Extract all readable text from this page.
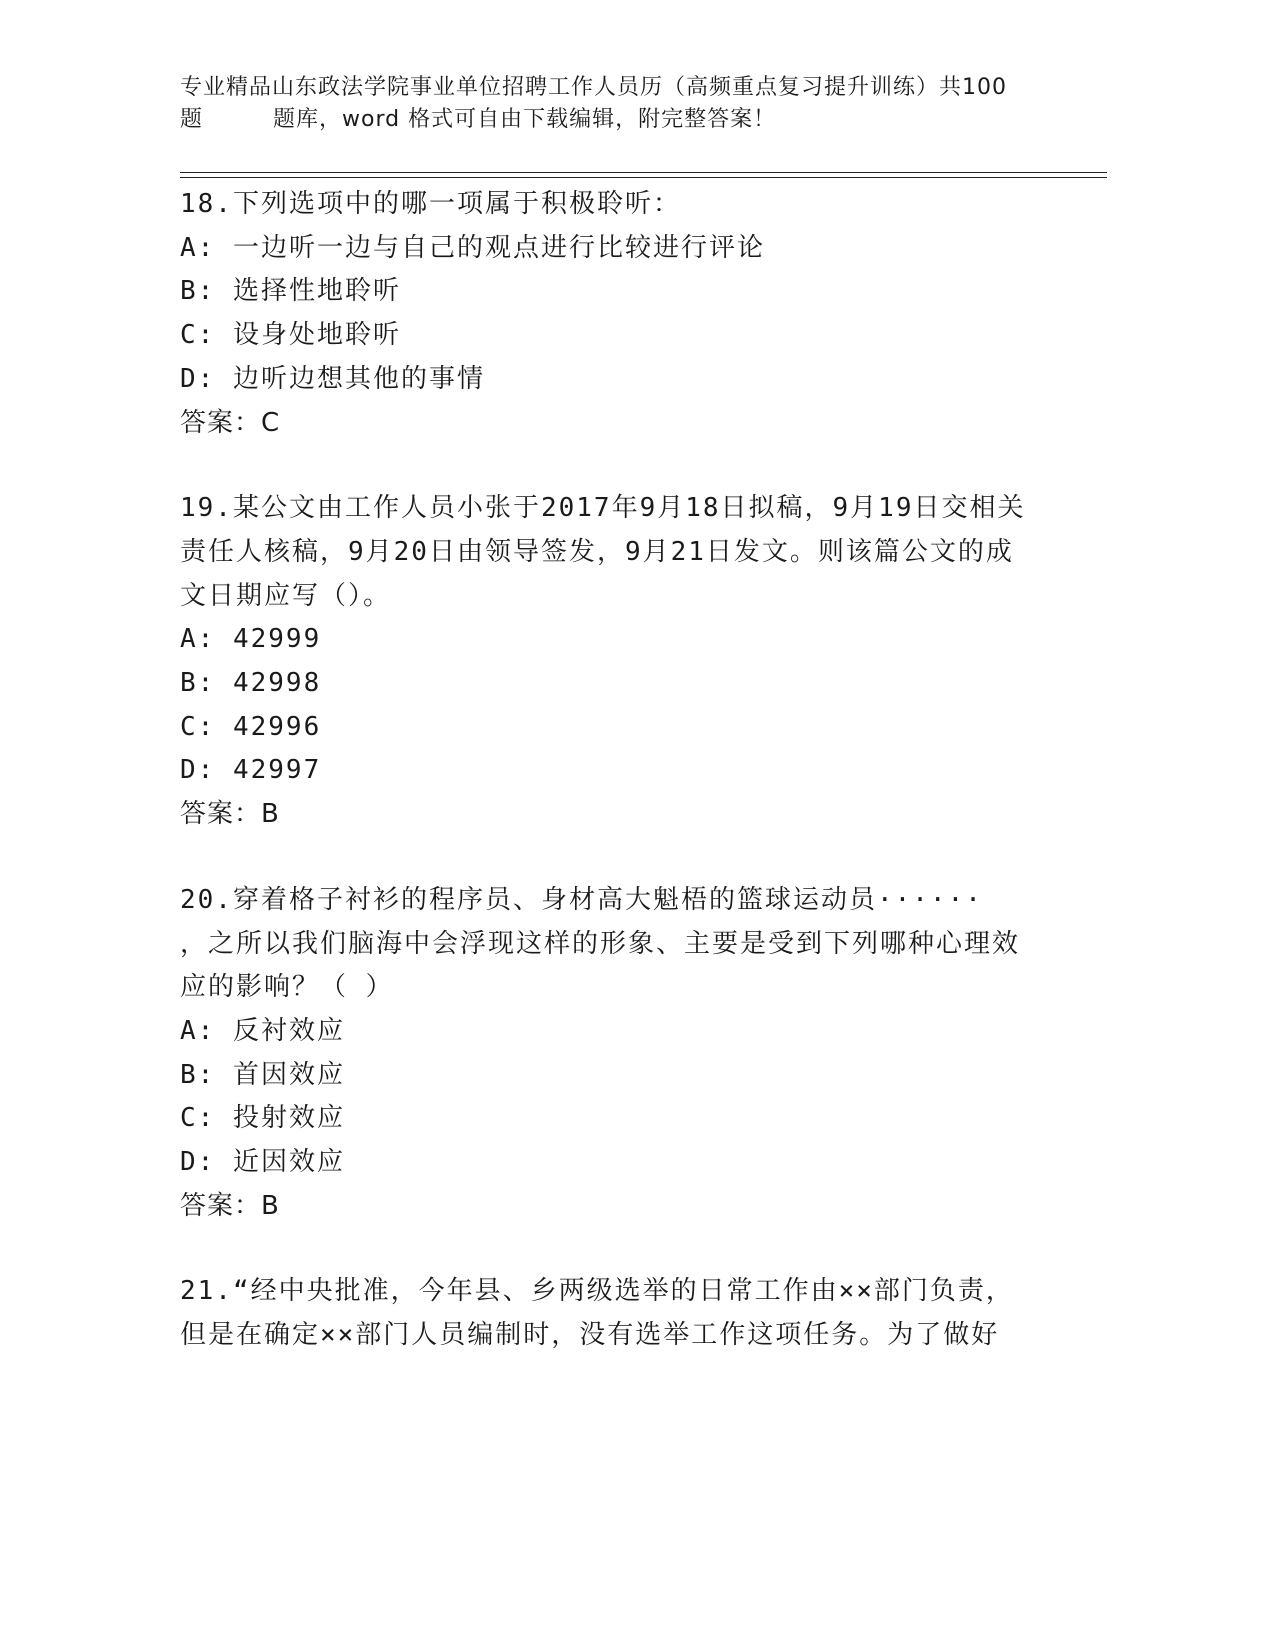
专业精品山东政法学院事业单位招聘工作人员历（高频重点复习提升训练）共100
题	题库，word 格式可自由下载编辑，附完整答案！
18.下列选项中的哪一项属于积极聆听：
A: 一边听一边与自己的观点进行比较进行评论
B: 选择性地聆听
C: 设身处地聆听
D: 边听边想其他的事情
答案：C
19.某公文由工作人员小张于2017年9月18日拟稿，9月19日交相关
责任人核稿，9月20日由领导签发，9月21日发文。则该篇公文的成
文日期应写（）。
A: 42999
B: 42998
C: 42996
D: 42997
答案：B
20.穿着格子衬衫的程序员、身材高大魁梧的篮球运动员······
，之所以我们脑海中会浮现这样的形象、主要是受到下列哪种心理效
应的影响？（ ）
A: 反衬效应
B: 首因效应
C: 投射效应
D: 近因效应
答案：B
21.“经中央批准，今年县、乡两级选举的日常工作由××部门负责，
但是在确定××部门人员编制时，没有选举工作这项任务。为了做好
